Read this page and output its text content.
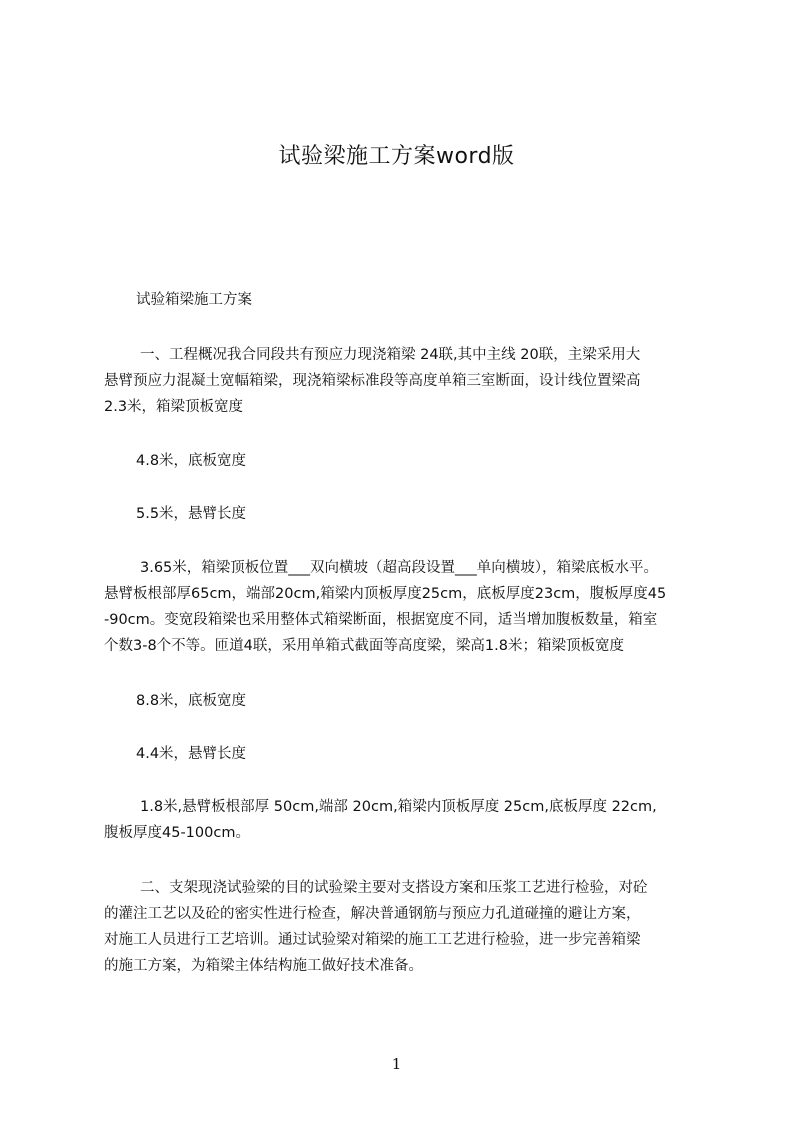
试验梁施工方案word版
试验箱梁施工方案
一、工程概况我合同段共有预应力现浇箱梁 24联,其中主线 20联，主梁采用大
悬臂预应力混凝土宽幅箱梁，现浇箱梁标准段等高度单箱三室断面，设计线位置梁高
2.3米，箱梁顶板宽度
4.8米，底板宽度
5.5米，悬臂长度
3.65米，箱梁顶板位置___双向横坡（超高段设置___单向横坡），箱梁底板水平。
悬臂板根部厚65cm，端部20cm,箱梁内顶板厚度25cm，底板厚度23cm，腹板厚度45
-90cm。变宽段箱梁也采用整体式箱梁断面，根据宽度不同，适当增加腹板数量，箱室
个数3-8个不等。匝道4联，采用单箱式截面等高度梁，梁高1.8米；箱梁顶板宽度
8.8米，底板宽度
4.4米，悬臂长度
1.8米,悬臂板根部厚 50cm,端部 20cm,箱梁内顶板厚度 25cm,底板厚度 22cm,
腹板厚度45-100cm。
二、支架现浇试验梁的目的试验梁主要对支搭设方案和压浆工艺进行检验，对砼
的灌注工艺以及砼的密实性进行检查，解决普通钢筋与预应力孔道碰撞的避让方案，
对施工人员进行工艺培训。通过试验梁对箱梁的施工工艺进行检验，进一步完善箱梁
的施工方案，为箱梁主体结构施工做好技术准备。
1
